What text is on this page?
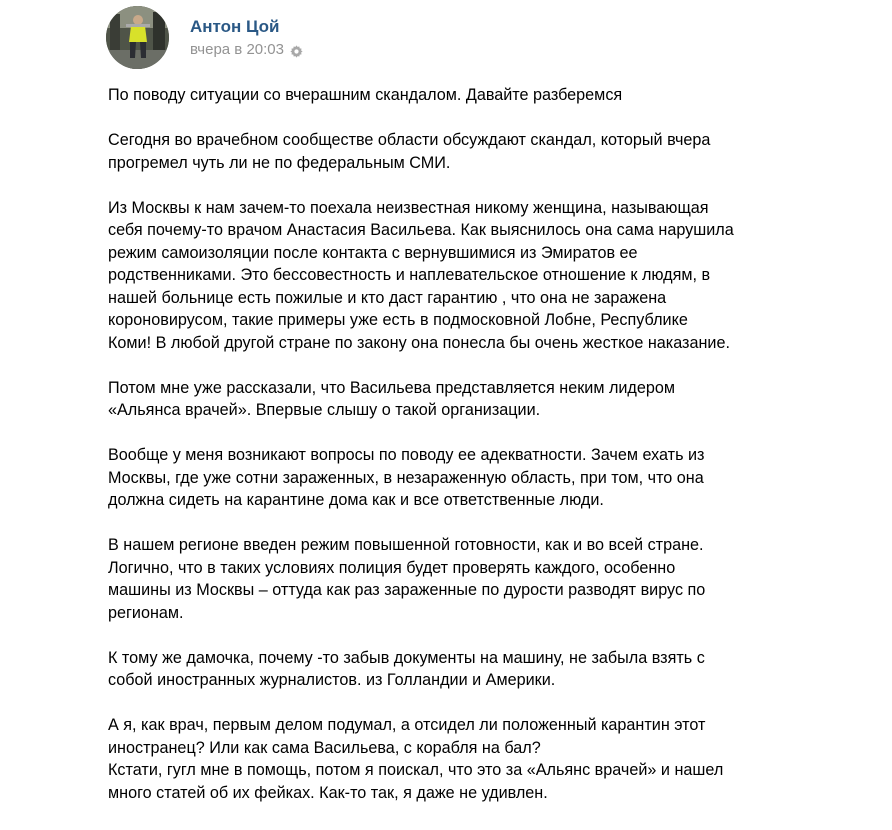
Антон Цой
вчера в 20:03
По поводу ситуации со вчерашним скандалом. Давайте разберемся
Сегодня во врачебном сообществе области обсуждают скандал, который вчера
прогремел чуть ли не по федеральным СМИ.
Из Москвы к нам зачем-то поехала неизвестная никому женщина, называющая
себя почему-то врачом Анастасия Васильева. Как выяснилось она сама нарушила
режим самоизоляции после контакта с вернувшимися из Эмиратов ее
родственниками. Это бессовестность и наплевательское отношение к людям, в
нашей больнице есть пожилые и кто даст гарантию , что она не заражена
короновирусом, такие примеры уже есть в подмосковной Лобне, Республике
Коми! В любой другой стране по закону она понесла бы очень жесткое наказание.
Потом мне уже рассказали, что Васильева представляется неким лидером
«Альянса врачей». Впервые слышу о такой организации.
Вообще у меня возникают вопросы по поводу ее адекватности. Зачем ехать из
Москвы, где уже сотни зараженных, в незараженную область, при том, что она
должна сидеть на карантине дома как и все ответственные люди.
В нашем регионе введен режим повышенной готовности, как и во всей стране.
Логично, что в таких условиях полиция будет проверять каждого, особенно
машины из Москвы – оттуда как раз зараженные по дурости разводят вирус по
регионам.
К тому же дамочка, почему -то забыв документы на машину, не забыла взять с
собой иностранных журналистов. из Голландии и Америки.
А я, как врач, первым делом подумал, а отсидел ли положенный карантин этот
иностранец? Или как сама Васильева, с корабля на бал?
Кстати, гугл мне в помощь, потом я поискал, что это за «Альянс врачей» и нашел
много статей об их фейках. Как-то так, я даже не удивлен.
